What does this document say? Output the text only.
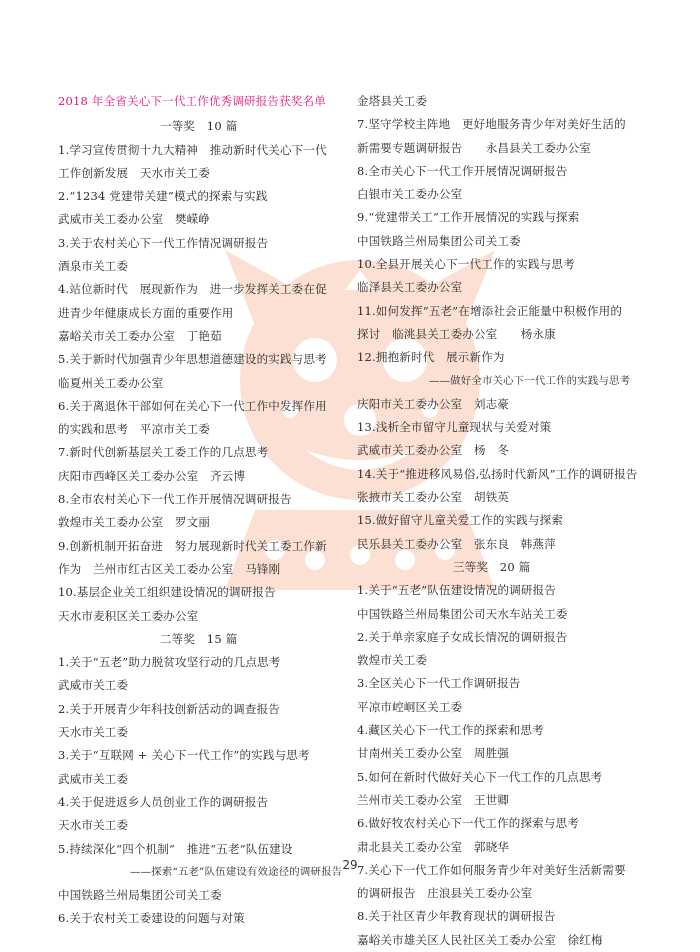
2018 年全省关心下一代工作优秀调研报告获奖名单
一等奖　10 篇
1.学习宣传贯彻十九大精神　推动新时代关心下一代
工作创新发展　天水市关工委
2.“1234 党建带关建”模式的探索与实践
武威市关工委办公室　樊嵘峥
3.关于农村关心下一代工作情况调研报告
酒泉市关工委
4.站位新时代　展现新作为　进一步发挥关工委在促
进青少年健康成长方面的重要作用
嘉峪关市关工委办公室　丁艳茹
5.关于新时代加强青少年思想道德建设的实践与思考
临夏州关工委办公室
6.关于离退休干部如何在关心下一代工作中发挥作用
的实践和思考　平凉市关工委
7.新时代创新基层关工委工作的几点思考
庆阳市西峰区关工委办公室　齐云博
8.全市农村关心下一代工作开展情况调研报告
敦煌市关工委办公室　罗文丽
9.创新机制开拓奋进　努力展现新时代关工委工作新
作为　兰州市红古区关工委办公室　马锋刚
10.基层企业关工组织建设情况的调研报告
天水市麦积区关工委办公室
二等奖　15 篇
1.关于“五老”助力脱贫攻坚行动的几点思考
武威市关工委
2.关于开展青少年科技创新活动的调查报告
天水市关工委
3.关于“互联网 + 关心下一代工作”的实践与思考
武威市关工委
4.关于促进返乡人员创业工作的调研报告
天水市关工委
5.持续深化“四个机制”　推进“五老”队伍建设
——探索“五老”队伍建设有效途径的调研报告
中国铁路兰州局集团公司关工委
6.关于农村关工委建设的问题与对策
金塔县关工委
7.坚守学校主阵地　更好地服务青少年对美好生活的
新需要专题调研报告　　永昌县关工委办公室
8.全市关心下一代工作开展情况调研报告
白银市关工委办公室
9.“党建带关工”工作开展情况的实践与探索
中国铁路兰州局集团公司关工委
10.全县开展关心下一代工作的实践与思考
临泽县关工委办公室
11.如何发挥“五老”在增添社会正能量中积极作用的
探讨　临洮县关工委办公室　　杨永康
12.拥抱新时代　展示新作为
——做好全市关心下一代工作的实践与思考
庆阳市关工委办公室　刘志豪
13.浅析全市留守儿童现状与关爱对策
武威市关工委办公室　杨　冬
14.关于“推进移风易俗,弘扬时代新风”工作的调研报告
张掖市关工委办公室　胡铁英
15.做好留守儿童关爱工作的实践与探索
民乐县关工委办公室　张东良　韩燕萍
三等奖　20 篇
1.关于“五老”队伍建设情况的调研报告
中国铁路兰州局集团公司天水车站关工委
2.关于单亲家庭子女成长情况的调研报告
敦煌市关工委
3.全区关心下一代工作调研报告
平凉市崆峒区关工委
4.藏区关心下一代工作的探索和思考
甘南州关工委办公室　周胜强
5.如何在新时代做好关心下一代工作的几点思考
兰州市关工委办公室　王世卿
6.做好牧农村关心下一代工作的探索与思考
肃北县关工委办公室　郭晓华
7.关心下一代工作如何服务青少年对美好生活新需要
的调研报告　庄浪县关工委办公室
8.关于社区青少年教育现状的调研报告
嘉峪关市雄关区人民社区关工委办公室　徐红梅
29
